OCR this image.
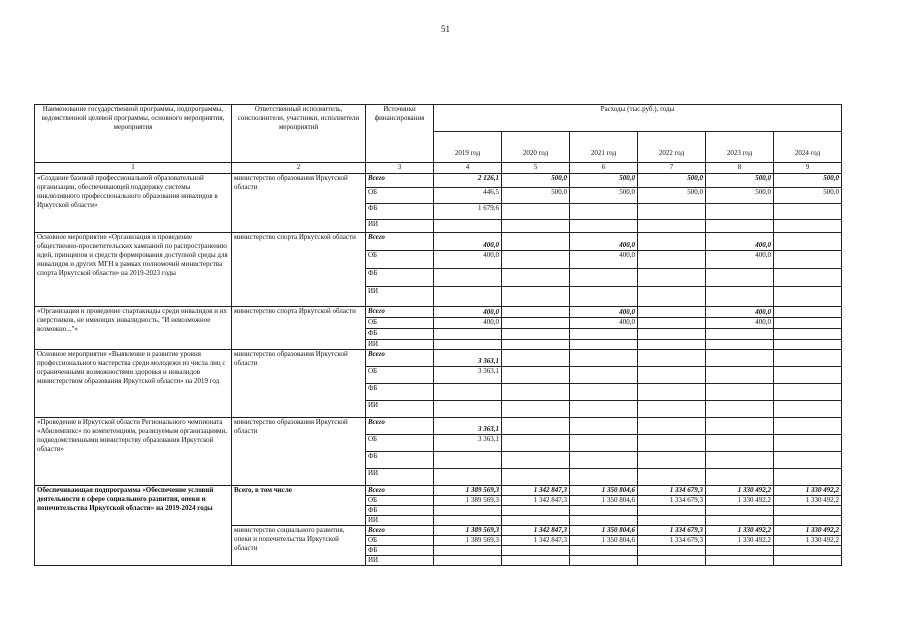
51
Наименование государственной программы, подпрограммы, ведомственной целевой программы, основного мероприятия, мероприятия	Ответственный исполнитель, соисполнители, участники, исполнители мероприятий	Источники финансирования	Расходы (тыс.руб.), годы					
			2019 год	2020 год	2021 год	2022 год	2023 год	2024 год
1	2	3	4	5	6	7	8	9
«Создание базовой профессиональной образовательной организации, обеспечивающей поддержку системы инклюзивного профессионального образования инвалидов в Иркутской области»	министерство образования Иркутской области	Всего	2 126,1	500,0	500,0	500,0	500,0	500,0
		ОБ	446,5	500,0	500,0	500,0	500,0	500,0
		ФБ	1 679,6					
		ИИ						
Основное мероприятие «Организация и проведение общественно-просветительских кампаний по распространению идей, принципов и средств формирования доступной среды для инвалидов и других МГН в рамках полномочий министерства спорта Иркутской области» на 2019-2023 годы	министерство спорта Иркутской области	Всего	400,0		400,0		400,0	
		ОБ	400,0		400,0		400,0	
		ФБ						
		ИИ						
«Организация и проведение спартакиады среди инвалидов и их сверстников, не имеющих инвалидность, "И невозможное возможно..."»	министерство спорта Иркутской области	Всего	400,0		400,0		400,0	
		ОБ	400,0		400,0		400,0	
		ФБ						
		ИИ						
Основное мероприятие «Выявление и развитие уровня профессионального мастерства среди молодежи из числа лиц с ограниченными возможностями здоровья и инвалидов министерством образования Иркутской области» на 2019 год	министерство образования Иркутской области	Всего	3 363,1					
		ОБ	3 363,1					
		ФБ						
		ИИ						
«Проведение в Иркутской области Регионального чемпионата «Абилимпикс» по компетенциям, реализуемым организациями, подведомственными министерству образования Иркутской области»	министерство образования Иркутской области	Всего	3 363,1					
		ОБ	3 363,1					
		ФБ						
		ИИ						
Обеспечивающая подпрограмма «Обеспечение условий деятельности в сфере социального развития, опеки и попечительства Иркутской области» на 2019-2024 годы	Всего, в том числе	Всего	1 389 569,3	1 342 847,3	1 350 804,6	1 334 679,3	1 330 492,2	1 330 492,2
		ОБ	1 389 569,3	1 342 847,3	1 350 804,6	1 334 679,3	1 330 492,2	1 330 492,2
		ФБ						
		ИИ						
	министерство социального развития, опеки и попечительства Иркутской области	Всего	1 389 569,3	1 342 847,3	1 350 804,6	1 334 679,3	1 330 492,2	1 330 492,2
		ОБ	1 389 569,3	1 342 847,3	1 350 804,6	1 334 679,3	1 330 492,2	1 330 492,2
		ФБ						
		ИИ						
